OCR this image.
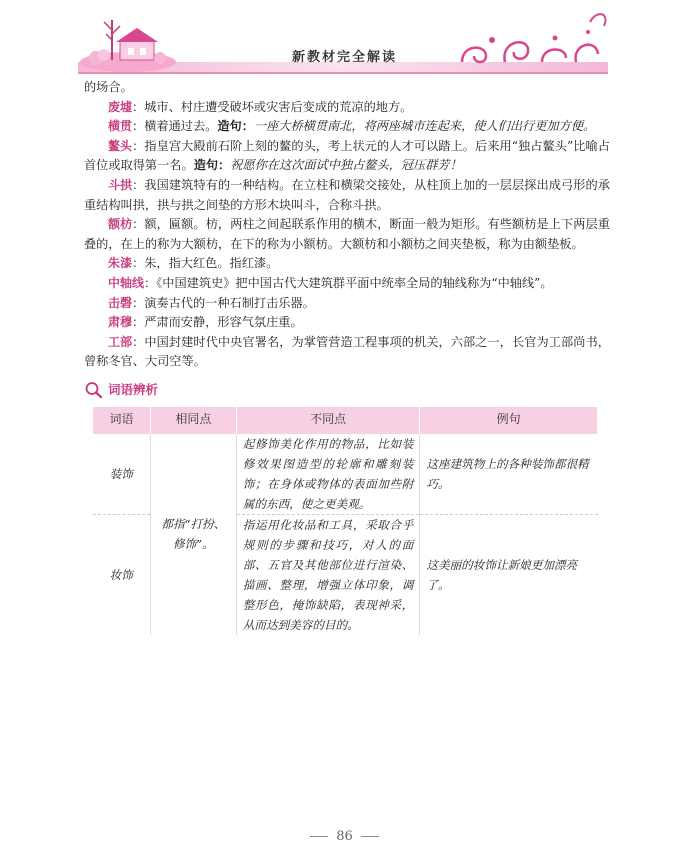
新教材完全解读

的场合。

废墟：城市、村庄遭受破坏或灾害后变成的荒凉的地方。

横贯：横着通过去。造句：一座大桥横贯南北，将两座城市连起来，使人们出行更加方便。

鳌头：指皇宫大殿前石阶上刻的鳌的头，考上状元的人才可以踏上。后来用“独占鳌头”比喻占首位或取得第一名。造句：祝愿你在这次面试中独占鳌头，冠压群芳！

斗拱：我国建筑特有的一种结构。在立柱和横梁交接处，从柱顶上加的一层层探出成弓形的承重结构叫拱，拱与拱之间垫的方形木块叫斗，合称斗拱。

额枋：额，匾额。枋，两柱之间起联系作用的横木，断面一般为矩形。有些额枋是上下两层重叠的，在上的称为大额枋，在下的称为小额枋。大额枋和小额枋之间夹垫板，称为由额垫板。

朱漆：朱，指大红色。指红漆。

中轴线：《中国建筑史》把中国古代大建筑群平面中统率全局的轴线称为“中轴线”。

击磬：演奏古代的一种石制打击乐器。

肃穆：严肃而安静，形容气氛庄重。

工部：中国封建时代中央官署名，为掌管营造工程事项的机关，六部之一，长官为工部尚书，曾称冬官、大司空等。

词语辨析
词语	相同点	不同点	例句
装饰	都指“打扮、修饰”。	起修饰美化作用的物品，比如装修效果图造型的轮廓和雕刻装饰；在身体或物体的表面加些附属的东西，使之更美观。	这座建筑物上的各种装饰都很精巧。
妆饰		指运用化妆品和工具，采取合乎规则的步骤和技巧，对人的面部、五官及其他部位进行渲染、描画、整理，增强立体印象，调整形色，掩饰缺陷，表现神采，从而达到美容的目的。	这美丽的妆饰让新娘更加漂亮了。
86
